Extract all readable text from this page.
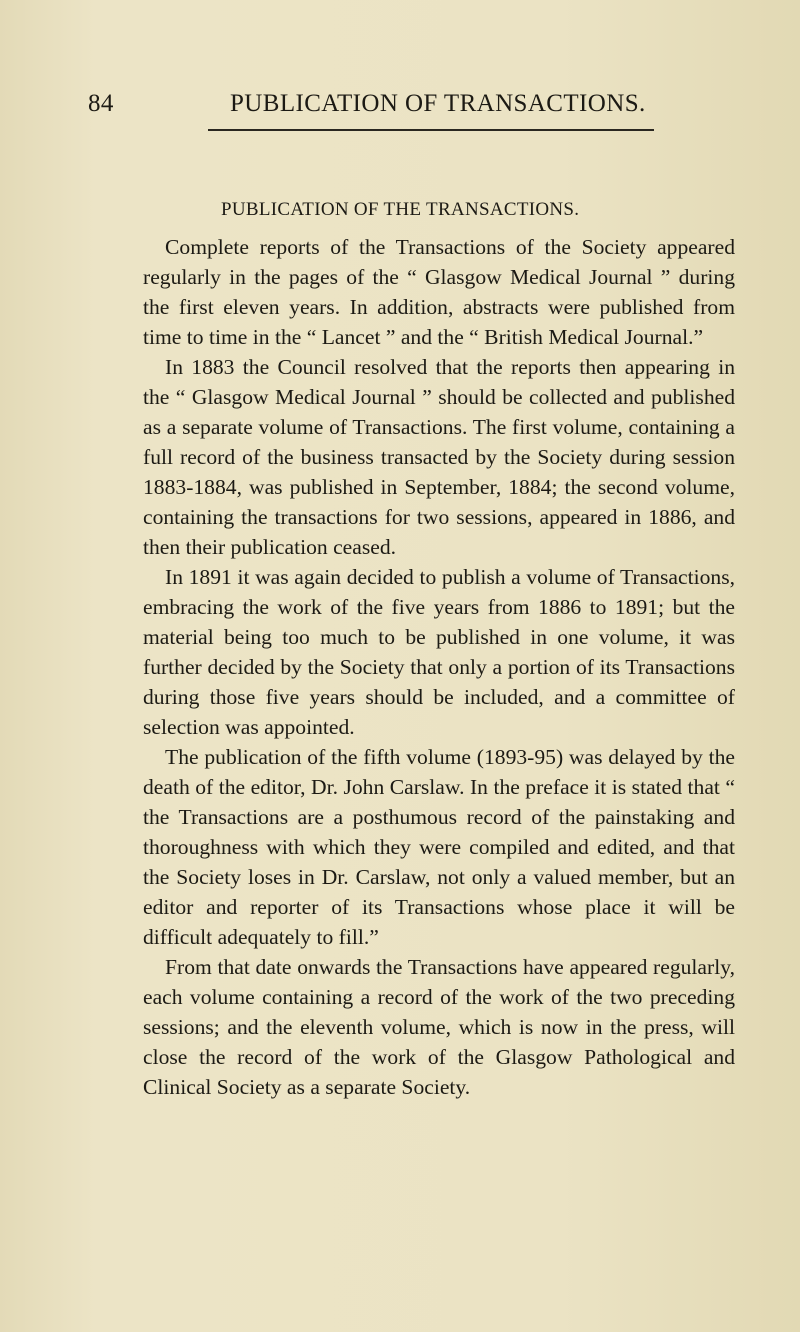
84	PUBLICATION OF TRANSACTIONS.
PUBLICATION OF THE TRANSACTIONS.

Complete reports of the Transactions of the Society appeared regularly in the pages of the “ Glasgow Medical Journal ” during the first eleven years. In addition, abstracts were published from time to time in the “ Lancet ” and the “ British Medical Journal.”

In 1883 the Council resolved that the reports then appearing in the “ Glasgow Medical Journal ” should be collected and published as a separate volume of Transactions. The first volume, containing a full record of the business transacted by the Society during session 1883-1884, was published in September, 1884; the second volume, containing the transactions for two sessions, appeared in 1886, and then their publication ceased.

In 1891 it was again decided to publish a volume of Transactions, embracing the work of the five years from 1886 to 1891; but the material being too much to be published in one volume, it was further decided by the Society that only a portion of its Transactions during those five years should be included, and a committee of selection was appointed.

The publication of the fifth volume (1893-95) was delayed by the death of the editor, Dr. John Carslaw. In the preface it is stated that “ the Transactions are a posthumous record of the painstaking and thoroughness with which they were compiled and edited, and that the Society loses in Dr. Carslaw, not only a valued member, but an editor and reporter of its Transactions whose place it will be difficult adequately to fill.”

From that date onwards the Transactions have appeared regularly, each volume containing a record of the work of the two preceding sessions; and the eleventh volume, which is now in the press, will close the record of the work of the Glasgow Pathological and Clinical Society as a separate Society.
